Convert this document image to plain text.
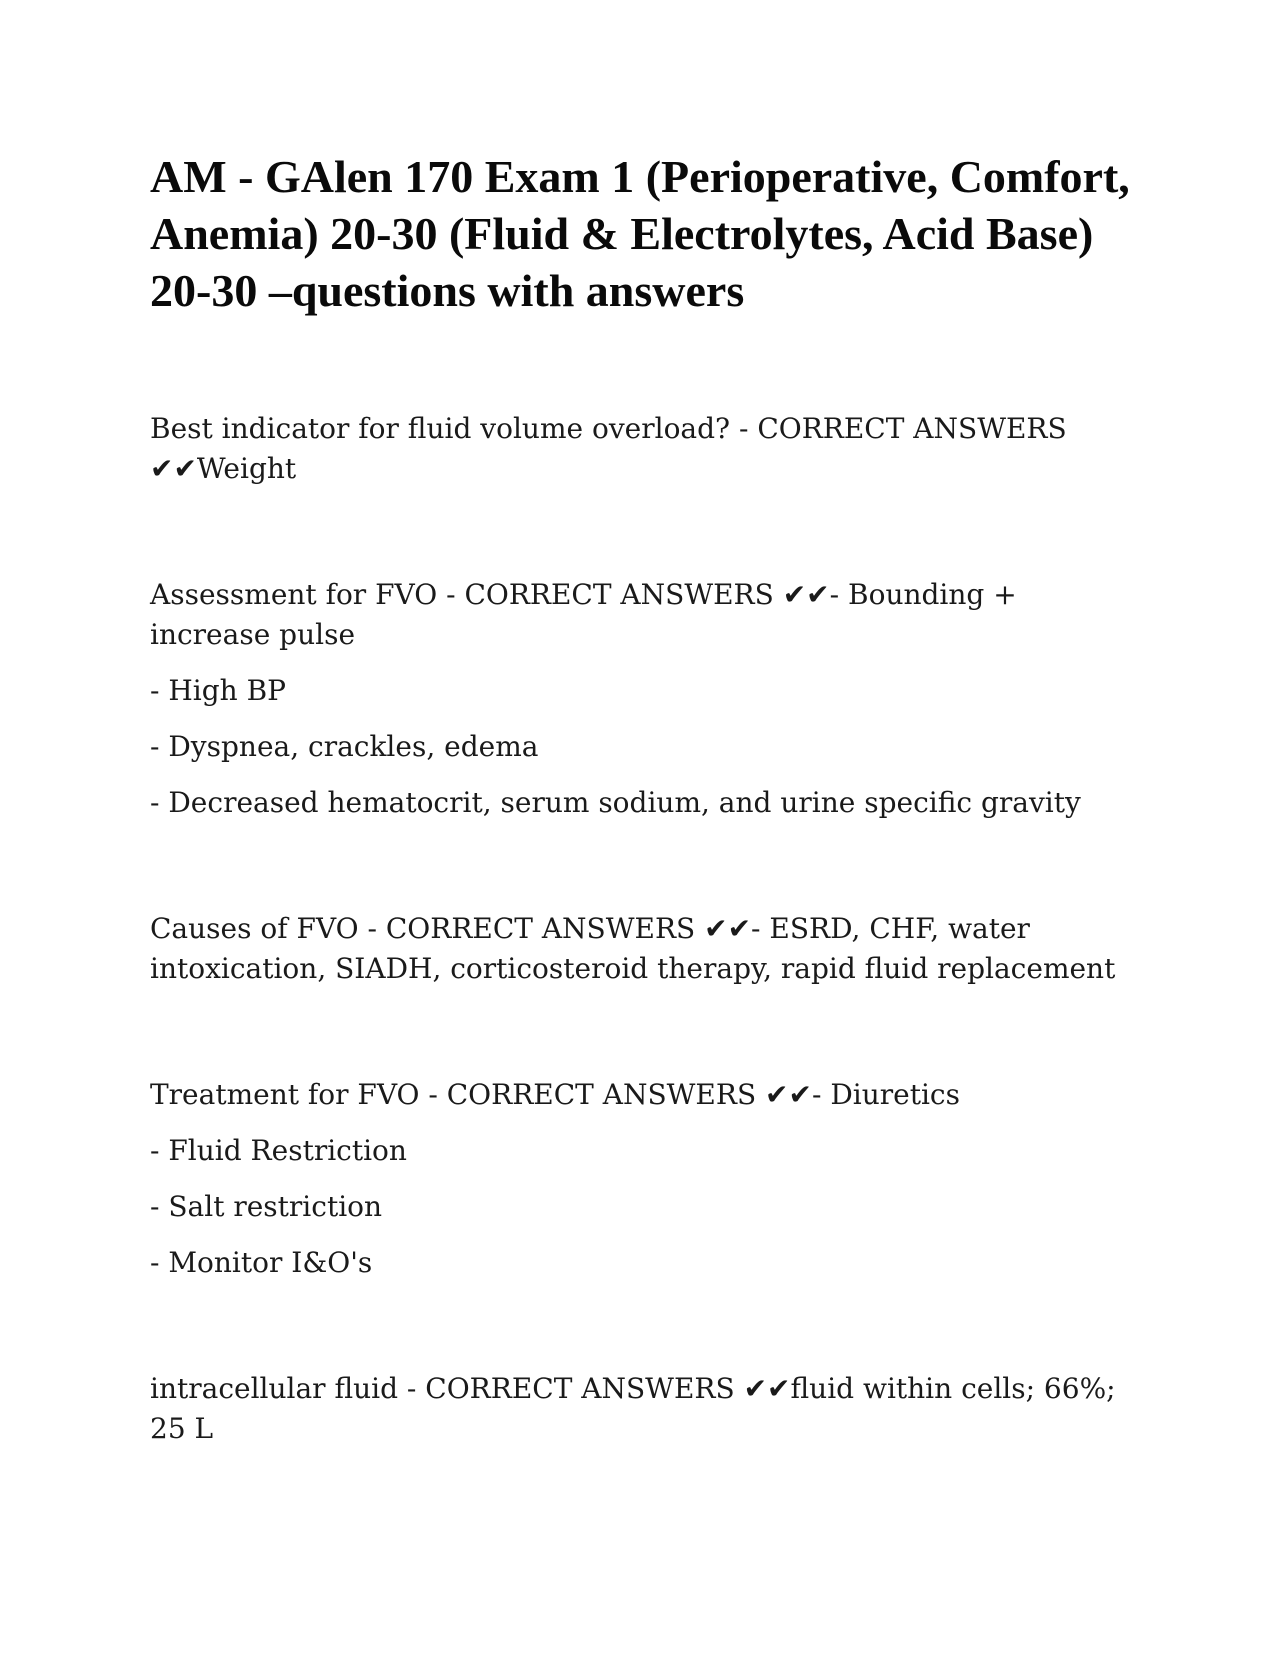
AM - GAlen 170 Exam 1 (Perioperative, Comfort, Anemia) 20-30 (Fluid & Electrolytes, Acid Base) 20-30 –questions with answers

Best indicator for fluid volume overload? - CORRECT ANSWERS ✔✔Weight

Assessment for FVO - CORRECT ANSWERS ✔✔- Bounding + increase pulse

- High BP

- Dyspnea, crackles, edema

- Decreased hematocrit, serum sodium, and urine specific gravity

Causes of FVO - CORRECT ANSWERS ✔✔- ESRD, CHF, water intoxication, SIADH, corticosteroid therapy, rapid fluid replacement

Treatment for FVO - CORRECT ANSWERS ✔✔- Diuretics

- Fluid Restriction

- Salt restriction

- Monitor I&O's

intracellular fluid - CORRECT ANSWERS ✔✔fluid within cells; 66%; 25 L
